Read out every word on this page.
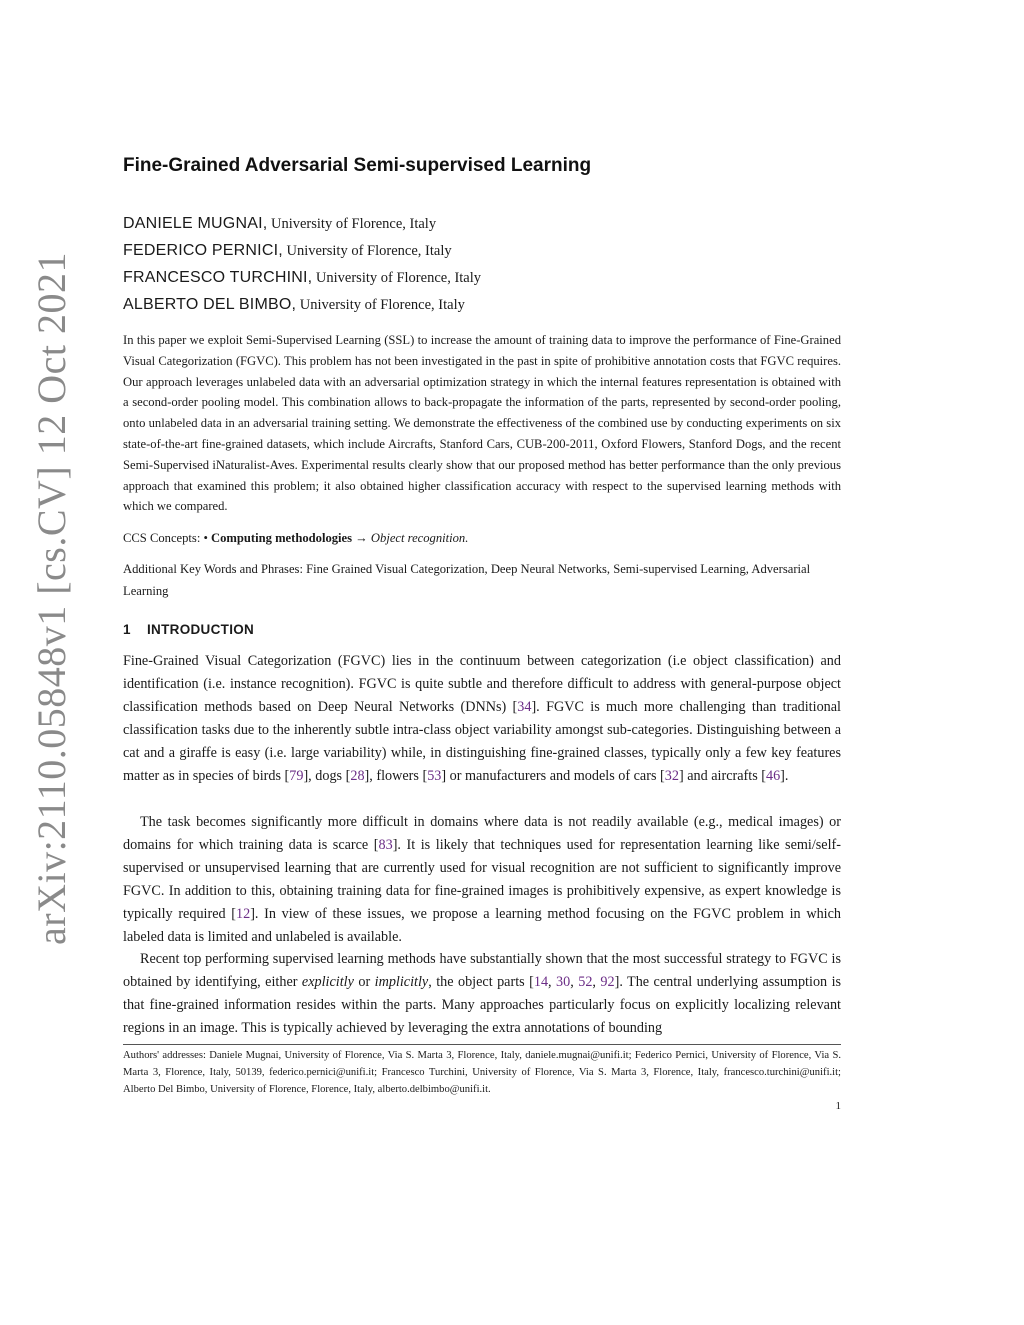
arXiv:2110.05848v1 [cs.CV] 12 Oct 2021
Fine-Grained Adversarial Semi-supervised Learning
DANIELE MUGNAI, University of Florence, Italy
FEDERICO PERNICI, University of Florence, Italy
FRANCESCO TURCHINI, University of Florence, Italy
ALBERTO DEL BIMBO, University of Florence, Italy

In this paper we exploit Semi-Supervised Learning (SSL) to increase the amount of training data to improve the performance of Fine-Grained Visual Categorization (FGVC). This problem has not been investigated in the past in spite of prohibitive annotation costs that FGVC requires. Our approach leverages unlabeled data with an adversarial optimization strategy in which the internal features representation is obtained with a second-order pooling model. This combination allows to back-propagate the information of the parts, represented by second-order pooling, onto unlabeled data in an adversarial training setting. We demonstrate the effectiveness of the combined use by conducting experiments on six state-of-the-art fine-grained datasets, which include Aircrafts, Stanford Cars, CUB-200-2011, Oxford Flowers, Stanford Dogs, and the recent Semi-Supervised iNaturalist-Aves. Experimental results clearly show that our proposed method has better performance than the only previous approach that examined this problem; it also obtained higher classification accuracy with respect to the supervised learning methods with which we compared.

CCS Concepts: • Computing methodologies → Object recognition.

Additional Key Words and Phrases: Fine Grained Visual Categorization, Deep Neural Networks, Semi-supervised Learning, Adversarial Learning

1 INTRODUCTION

Fine-Grained Visual Categorization (FGVC) lies in the continuum between categorization (i.e object classification) and identification (i.e. instance recognition). FGVC is quite subtle and therefore difficult to address with general-purpose object classification methods based on Deep Neural Networks (DNNs) [34]. FGVC is much more challenging than traditional classification tasks due to the inherently subtle intra-class object variability amongst sub-categories. Distinguishing between a cat and a giraffe is easy (i.e. large variability) while, in distinguishing fine-grained classes, typically only a few key features matter as in species of birds [79], dogs [28], flowers [53] or manufacturers and models of cars [32] and aircrafts [46].

The task becomes significantly more difficult in domains where data is not readily available (e.g., medical images) or domains for which training data is scarce [83]. It is likely that techniques used for representation learning like semi/self-supervised or unsupervised learning that are currently used for visual recognition are not sufficient to significantly improve FGVC. In addition to this, obtaining training data for fine-grained images is prohibitively expensive, as expert knowledge is typically required [12]. In view of these issues, we propose a learning method focusing on the FGVC problem in which labeled data is limited and unlabeled is available.

Recent top performing supervised learning methods have substantially shown that the most successful strategy to FGVC is obtained by identifying, either explicitly or implicitly, the object parts [14, 30, 52, 92]. The central underlying assumption is that fine-grained information resides within the parts. Many approaches particularly focus on explicitly localizing relevant regions in an image. This is typically achieved by leveraging the extra annotations of bounding

Authors' addresses: Daniele Mugnai, University of Florence, Via S. Marta 3, Florence, Italy, daniele.mugnai@unifi.it; Federico Pernici, University of Florence, Via S. Marta 3, Florence, Italy, 50139, federico.pernici@unifi.it; Francesco Turchini, University of Florence, Via S. Marta 3, Florence, Italy, francesco.turchini@unifi.it; Alberto Del Bimbo, University of Florence, Florence, Italy, alberto.delbimbo@unifi.it.

1
